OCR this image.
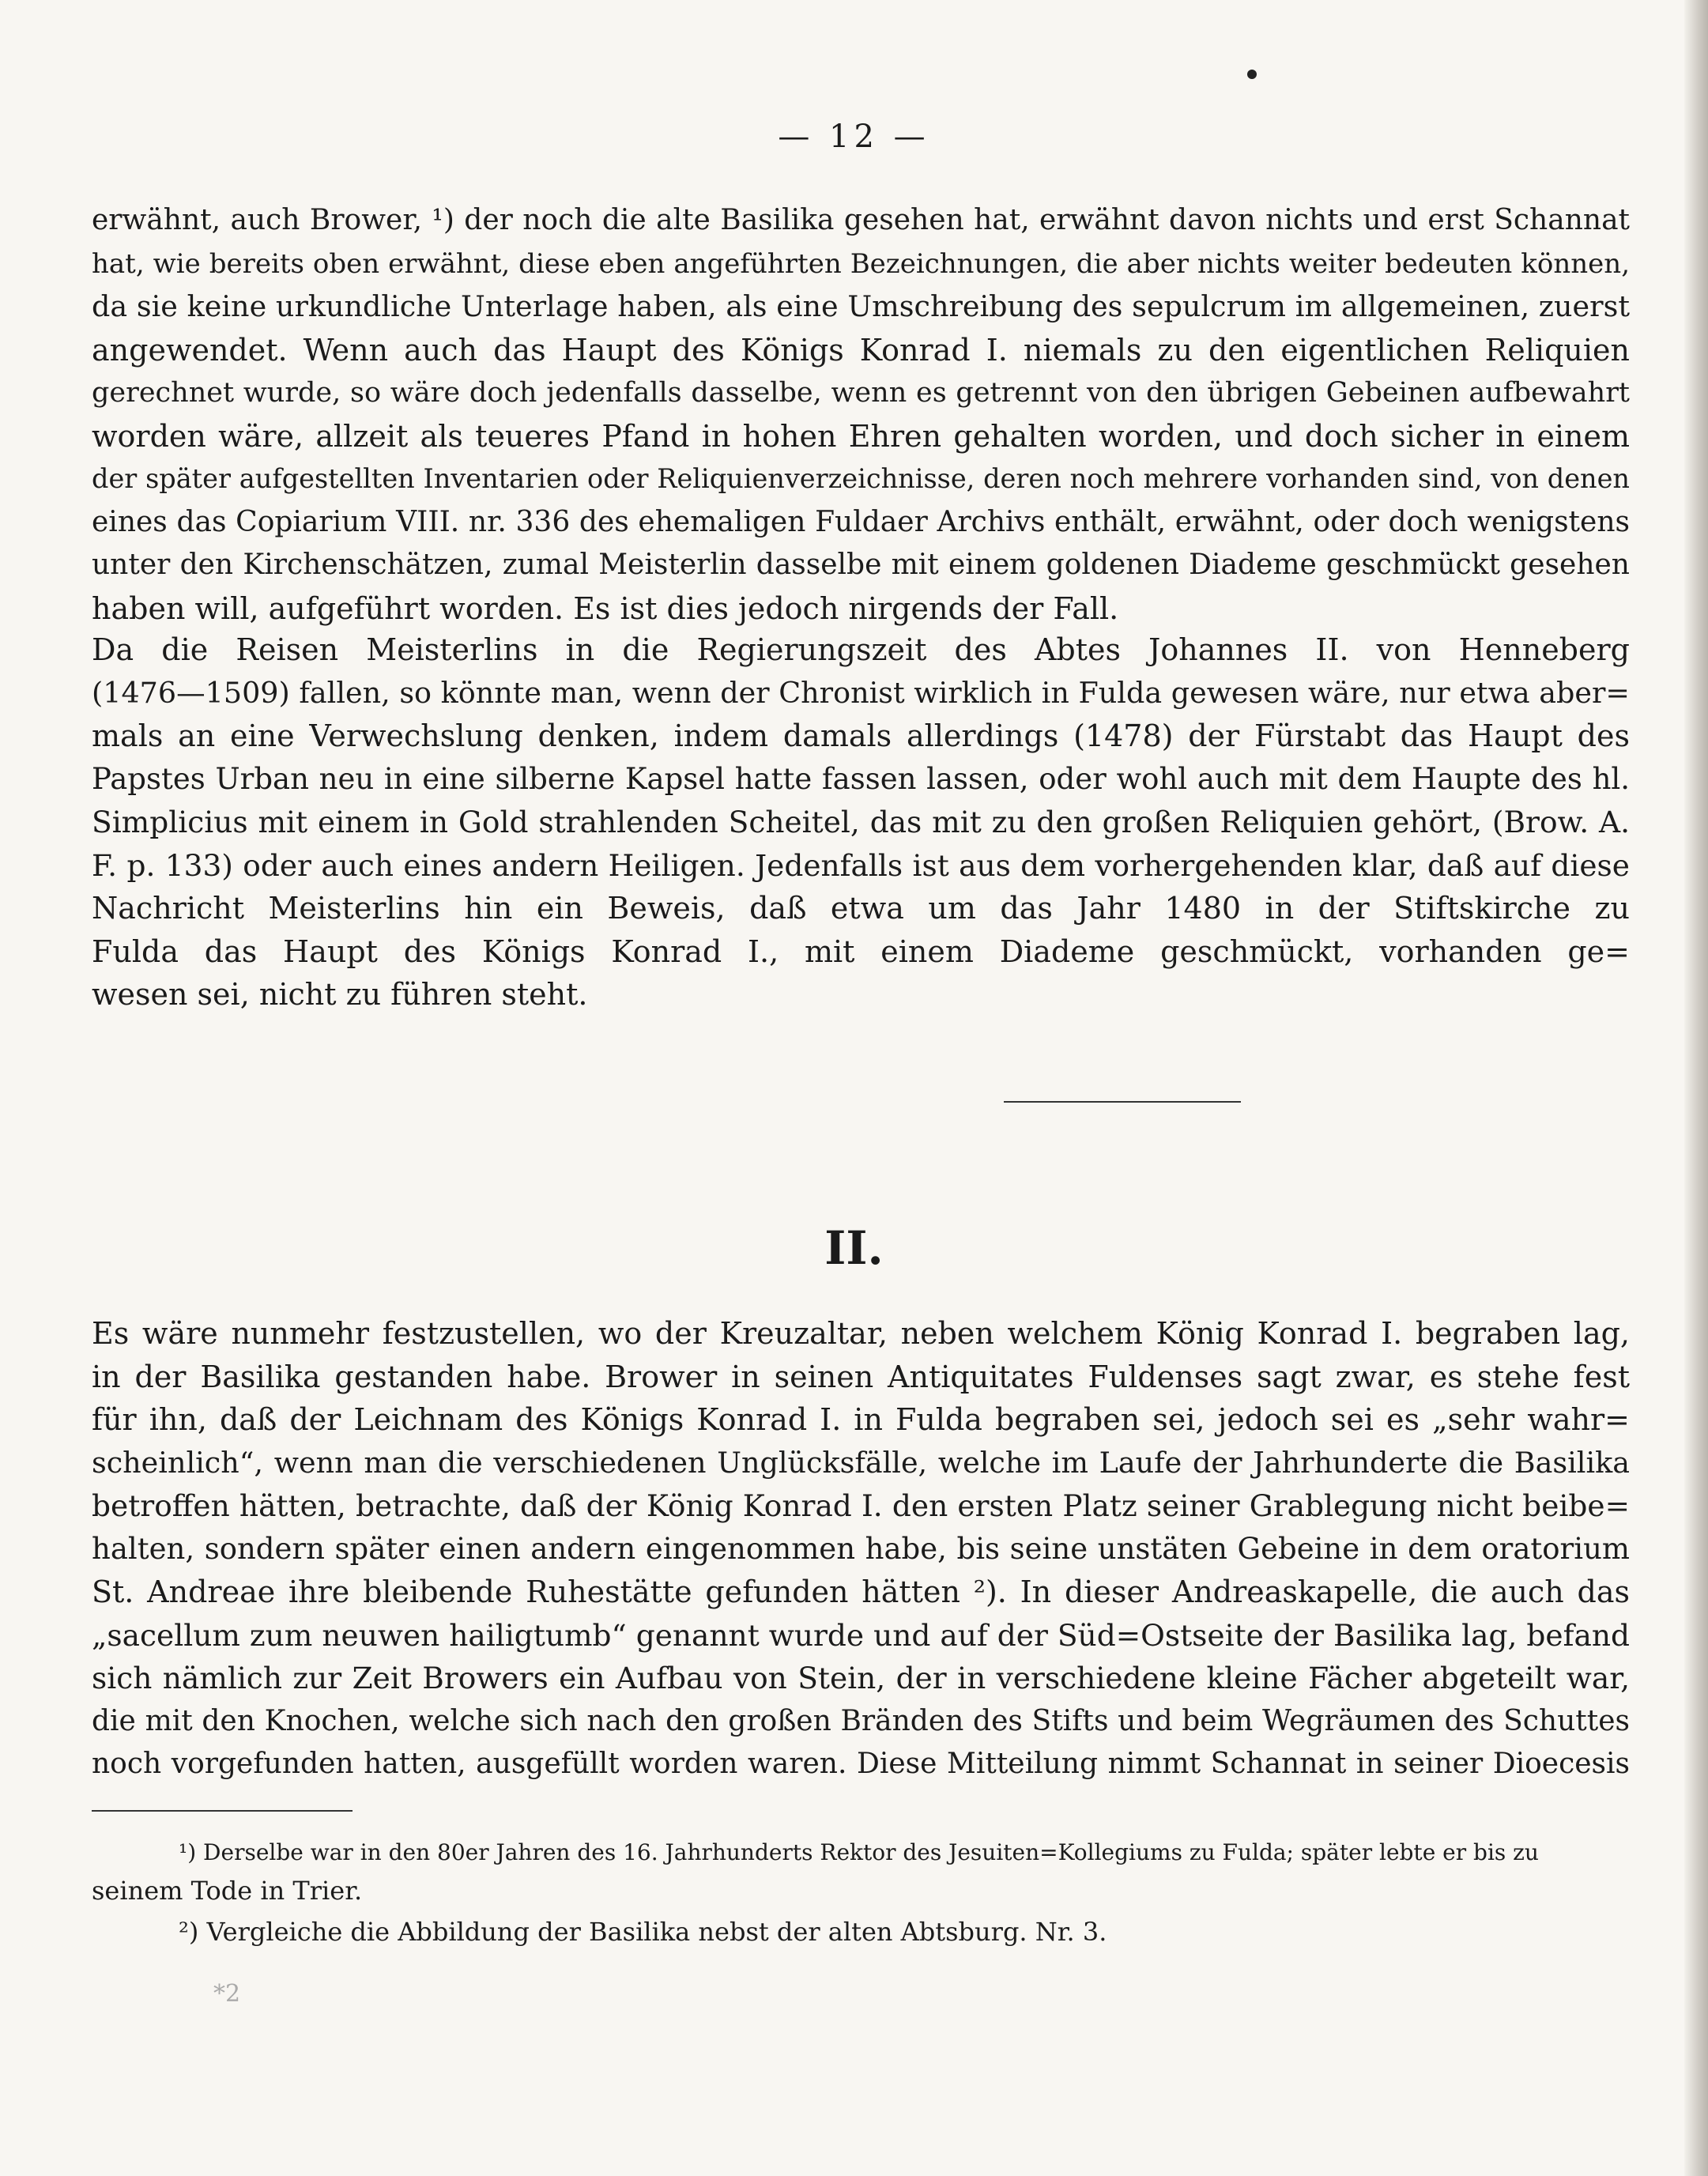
— 12 —
erwähnt, auch Brower, ¹) der noch die alte Basilika gesehen hat, erwähnt davon nichts und erst Schannat
hat, wie bereits oben erwähnt, diese eben angeführten Bezeichnungen, die aber nichts weiter bedeuten können,
da sie keine urkundliche Unterlage haben, als eine Umschreibung des sepulcrum im allgemeinen, zuerst
angewendet. Wenn auch das Haupt des Königs Konrad I. niemals zu den eigentlichen Reliquien
gerechnet wurde, so wäre doch jedenfalls dasselbe, wenn es getrennt von den übrigen Gebeinen aufbewahrt
worden wäre, allzeit als teueres Pfand in hohen Ehren gehalten worden, und doch sicher in einem
der später aufgestellten Inventarien oder Reliquienverzeichnisse, deren noch mehrere vorhanden sind, von denen
eines das Copiarium VIII. nr. 336 des ehemaligen Fuldaer Archivs enthält, erwähnt, oder doch wenigstens
unter den Kirchenschätzen, zumal Meisterlin dasselbe mit einem goldenen Diademe geschmückt gesehen
haben will, aufgeführt worden. Es ist dies jedoch nirgends der Fall.
Da die Reisen Meisterlins in die Regierungszeit des Abtes Johannes II. von Henneberg
(1476—1509) fallen, so könnte man, wenn der Chronist wirklich in Fulda gewesen wäre, nur etwa aber=
mals an eine Verwechslung denken, indem damals allerdings (1478) der Fürstabt das Haupt des
Papstes Urban neu in eine silberne Kapsel hatte fassen lassen, oder wohl auch mit dem Haupte des hl.
Simplicius mit einem in Gold strahlenden Scheitel, das mit zu den großen Reliquien gehört, (Brow. A.
F. p. 133) oder auch eines andern Heiligen. Jedenfalls ist aus dem vorhergehenden klar, daß auf diese
Nachricht Meisterlins hin ein Beweis, daß etwa um das Jahr 1480 in der Stiftskirche zu
Fulda das Haupt des Königs Konrad I., mit einem Diademe geschmückt, vorhanden ge=
wesen sei, nicht zu führen steht.
II.
Es wäre nunmehr festzustellen, wo der Kreuzaltar, neben welchem König Konrad I. begraben lag,
in der Basilika gestanden habe. Brower in seinen Antiquitates Fuldenses sagt zwar, es stehe fest
für ihn, daß der Leichnam des Königs Konrad I. in Fulda begraben sei, jedoch sei es „sehr wahr=
scheinlich“, wenn man die verschiedenen Unglücksfälle, welche im Laufe der Jahrhunderte die Basilika
betroffen hätten, betrachte, daß der König Konrad I. den ersten Platz seiner Grablegung nicht beibe=
halten, sondern später einen andern eingenommen habe, bis seine unstäten Gebeine in dem oratorium
St. Andreae ihre bleibende Ruhestätte gefunden hätten ²). In dieser Andreaskapelle, die auch das
„sacellum zum neuwen hailigtumb“ genannt wurde und auf der Süd=Ostseite der Basilika lag, befand
sich nämlich zur Zeit Browers ein Aufbau von Stein, der in verschiedene kleine Fächer abgeteilt war,
die mit den Knochen, welche sich nach den großen Bränden des Stifts und beim Wegräumen des Schuttes
noch vorgefunden hatten, ausgefüllt worden waren. Diese Mitteilung nimmt Schannat in seiner Dioecesis
¹) Derselbe war in den 80er Jahren des 16. Jahrhunderts Rektor des Jesuiten=Kollegiums zu Fulda; später lebte er bis zu
seinem Tode in Trier.
²) Vergleiche die Abbildung der Basilika nebst der alten Abtsburg. Nr. 3.
*2
